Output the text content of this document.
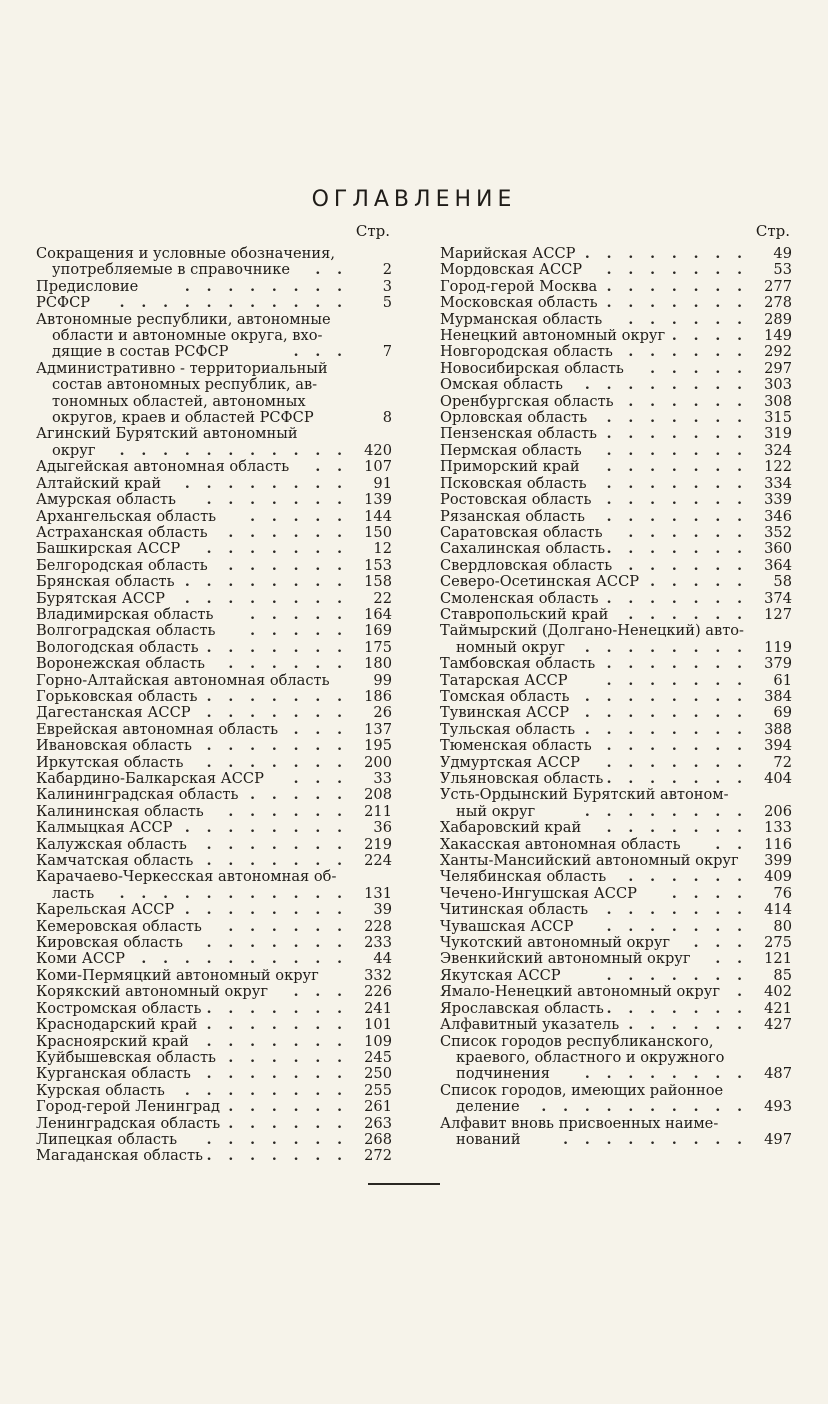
ОГЛАВЛЕНИЕ
Стр.
Сокращения и условные обозначения,
употребляемые в справочнике	. .	2
Предисловие	. . . . . . . .	3
РСФСР	. . . . . . . . . . .	5
Автономные республики, автономные
области и автономные округа, вхо-
дящие в состав РСФСР	. . .	7
Административно - территориальный
состав автономных республик, ав-
тономных областей, автономных
округов, краев и областей РСФСР	8
Агинский Бурятский автономный
округ	. . . . . . . . . . .	420
Адыгейская автономная область	. .	107
Алтайский край	. . . . . . . .	91
Амурская область	. . . . . . .	139
Архангельская область	. . . . .	144
Астраханская область	. . . . . .	150
Башкирская АССР	. . . . . . .	12
Белгородская область	. . . . . .	153
Брянская область . . . . . . . .	158
Бурятская АССР	. . . . . . . .	22
Владимирская область	. . . . .	164
Волгоградская область	. . . . .	169
Вологодская область . . . . . . .	175
Воронежская область	. . . . . .	180
Горно-Алтайская автономная область	99
Горьковская область . . . . . . .	186
Дагестанская АССР	. . . . . . .	26
Еврейская автономная область	. . .	137
Ивановская область	. . . . . . .	195
Иркутская область	. . . . . . .	200
Кабардино-Балкарская АССР	. . .	33
Калининградская область . . . . .	208
Калининская область	. . . . . .	211
Калмыцкая АССР . . . . . . . .	36
Калужская область	. . . . . . .	219
Камчатская область . . . . . . .	224
Карачаево-Черкесская автономная об-
ласть	. . . . . . . . . . .	131
Карельская АССР . . . . . . . .	39
Кемеровская область	. . . . . .	228
Кировская область	. . . . . . .	233
Коми АССР	. . . . . . . . . .	44
Коми-Пермяцкий автономный округ	332
Корякский автономный округ	. . .	226
Костромская область . . . . . . .	241
Краснодарский край . . . . . . .	101
Красноярский край	. . . . . . .	109
Куйбышевская область . . . . . .	245
Курганская область	. . . . . . .	250
Курская область	. . . . . . . .	255
Город-герой Ленинград . . . . . .	261
Ленинградская область . . . . . .	263
Липецкая область	. . . . . . .	268
Магаданская область . . . . . . .	272
Стр.
Марийская АССР . . . . . . . .	49
Мордовская АССР	. . . . . . .	53
Город-герой Москва . . . . . . .	277
Московская область . . . . . . .	278
Мурманская область	. . . . . .	289
Ненецкий автономный округ . . . .	149
Новгородская область	. . . . . .	292
Новосибирская область	. . . . .	297
Омская область	. . . . . . . .	303
Оренбургская область	. . . . . .	308
Орловская область	. . . . . . .	315
Пензенская область . . . . . . .	319
Пермская область	. . . . . . .	324
Приморский край	. . . . . . .	122
Псковская область	. . . . . . .	334
Ростовская область	. . . . . . .	339
Рязанская область	. . . . . . .	346
Саратовская область	. . . . . .	352
Сахалинская область . . . . . . .	360
Свердловская область	. . . . . .	364
Северо-Осетинская АССР . . . . .	58
Смоленская область . . . . . . .	374
Ставропольский край	. . . . . .	127
Таймырский (Долгано-Ненецкий) авто-
номный округ	. . . . . . . .	119
Тамбовская область . . . . . . .	379
Татарская АССР	. . . . . . .	61
Томская область	. . . . . . . .	384
Тувинская АССР	. . . . . . . .	69
Тульская область . . . . . . . .	388
Тюменская область	. . . . . . .	394
Удмуртская АССР	. . . . . . .	72
Ульяновская область . . . . . . .	404
Усть-Ордынский Бурятский автоном-
ный округ	. . . . . . . .	206
Хабаровский край	. . . . . . .	133
Хакасская автономная область	. .	116
Ханты-Мансийский автономный округ	399
Челябинская область	. . . . . .	409
Чечено-Ингушская АССР	. . . .	76
Читинская область	. . . . . . .	414
Чувашская АССР	. . . . . . .	80
Чукотский автономный округ	. . .	275
Эвенкийский автономный округ	. .	121
Якутская АССР	. . . . . . .	85
Ямало-Ненецкий автономный округ	.	402
Ярославская область . . . . . . .	421
Алфавитный указатель . . . . . .	427
Список городов республиканского,
краевого, областного и окружного
подчинения	. . . . . . . .	487
Список городов, имеющих районное
деление	. . . . . . . . . .	493
Алфавит вновь присвоенных наиме-
нований	. . . . . . . . .	497
